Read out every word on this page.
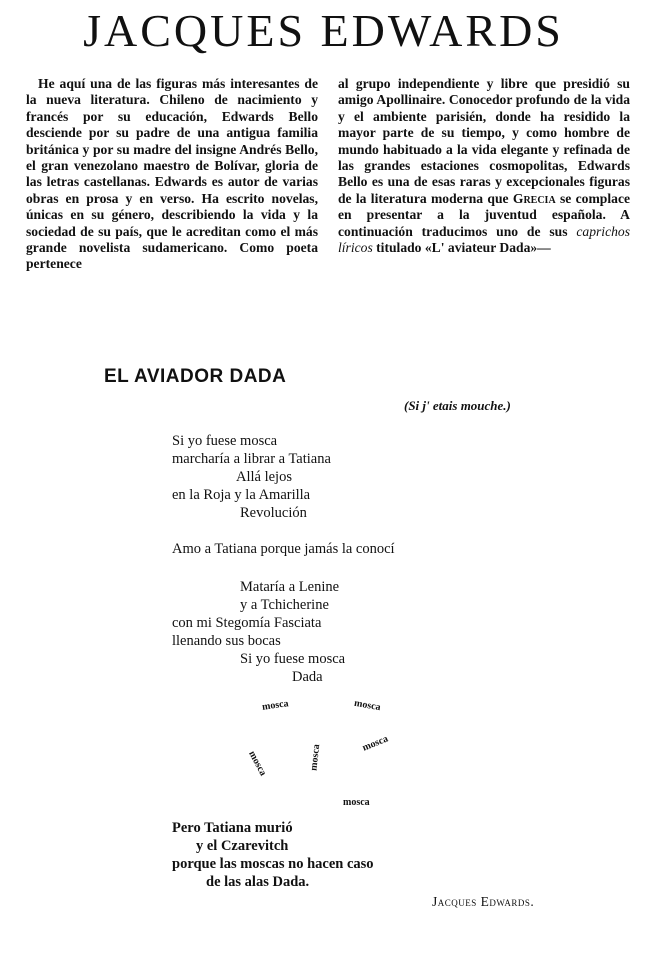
JACQUES EDWARDS
He aquí una de las figuras más interesantes de la nueva literatura. Chileno de nacimiento y francés por su educación, Edwards Bello desciende por su padre de una antigua familia británica y por su madre del insigne Andrés Bello, el gran venezolano maestro de Bolívar, gloria de las letras castellanas. Edwards es autor de varias obras en prosa y en verso. Ha escrito novelas, únicas en su género, describiendo la vida y la sociedad de su país, que le acreditan como el más grande novelista sudamericano. Como poeta pertenece
al grupo independiente y libre que presidió su amigo Apollinaire. Conocedor profundo de la vida y el ambiente parisién, donde ha residido la mayor parte de su tiempo, y como hombre de mundo habituado a la vida elegante y refinada de las grandes estaciones cosmopolitas, Edwards Bello es una de esas raras y excepcionales figuras de la literatura moderna que Grecia se complace en presentar a la juventud española. A continuación traducimos uno de sus caprichos líricos titulado «L' aviateur Dada»—
EL AVIADOR DADA
(Si j' etais mouche.)
Si yo fuese mosca
marcharía a librar a Tatiana
Allá lejos
en la Roja y la Amarilla
Revolución
Amo a Tatiana porque jamás la conocí
Mataría a Lenine
y a Tchicherine
con mi Stegomía Fasciata
llenando sus bocas
Si yo fuese mosca
Dada
mosca	mosca
mosca
mosca	mosca
mosca
Pero Tatiana murió
y el Czarevitch
porque las moscas no hacen caso
de las alas Dada.
Jacques Edwards.
